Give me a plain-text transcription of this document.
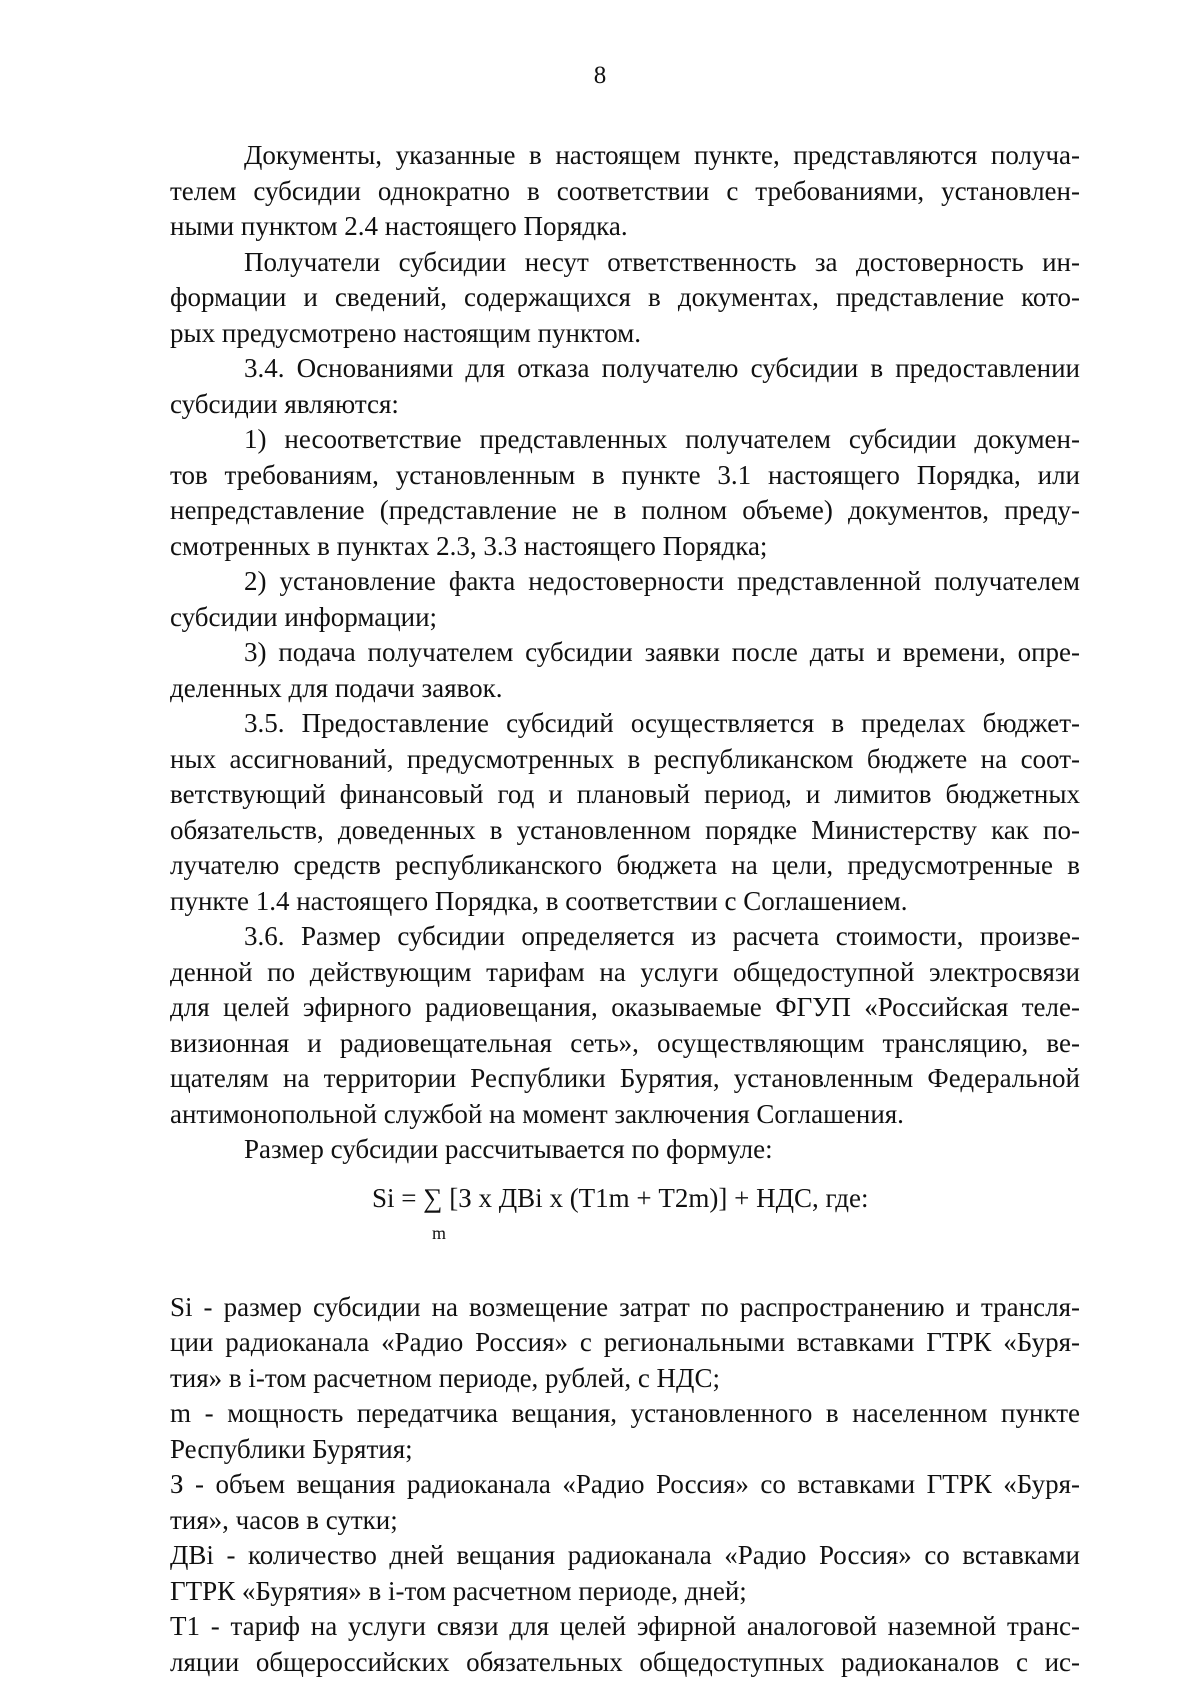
8
Документы, указанные в настоящем пункте, представляются получа-
телем субсидии однократно в соответствии с требованиями, установлен-
ными пунктом 2.4 настоящего Порядка.
Получатели субсидии несут ответственность за достоверность ин-
формации и сведений, содержащихся в документах, представление кото-
рых предусмотрено настоящим пунктом.
3.4. Основаниями для отказа получателю субсидии в предоставлении
субсидии являются:
1) несоответствие представленных получателем субсидии докумен-
тов требованиям, установленным в пункте 3.1 настоящего Порядка, или
непредставление (представление не в полном объеме) документов, преду-
смотренных в пунктах 2.3, 3.3 настоящего Порядка;
2) установление факта недостоверности представленной получателем
субсидии информации;
3) подача получателем субсидии заявки после даты и времени, опре-
деленных для подачи заявок.
3.5. Предоставление субсидий осуществляется в пределах бюджет-
ных ассигнований, предусмотренных в республиканском бюджете на соот-
ветствующий финансовый год и плановый период, и лимитов бюджетных
обязательств, доведенных в установленном порядке Министерству как по-
лучателю средств республиканского бюджета на цели, предусмотренные в
пункте 1.4 настоящего Порядка, в соответствии с Соглашением.
3.6. Размер субсидии определяется из расчета стоимости, произве-
денной по действующим тарифам на услуги общедоступной электросвязи
для целей эфирного радиовещания, оказываемые ФГУП «Российская теле-
визионная и радиовещательная сеть», осуществляющим трансляцию, ве-
щателям на территории Республики Бурятия, установленным Федеральной
антимонопольной службой на момент заключения Соглашения.
Размер субсидии рассчитывается по формуле:
Si = ∑ [З х ДВi х (Т1m + Т2m)] + НДС, где:
m
Si - размер субсидии на возмещение затрат по распространению и трансля-
ции радиоканала «Радио Россия» с региональными вставками ГТРК «Буря-
тия» в i-том расчетном периоде, рублей, с НДС;
m - мощность передатчика вещания, установленного в населенном пункте
Республики Бурятия;
З - объем вещания радиоканала «Радио Россия» со вставками ГТРК «Буря-
тия», часов в сутки;
ДВi - количество дней вещания радиоканала «Радио Россия» со вставками
ГТРК «Бурятия» в i-том расчетном периоде, дней;
Т1 - тариф на услуги связи для целей эфирной аналоговой наземной транс-
ляции общероссийских обязательных общедоступных радиоканалов с ис-
